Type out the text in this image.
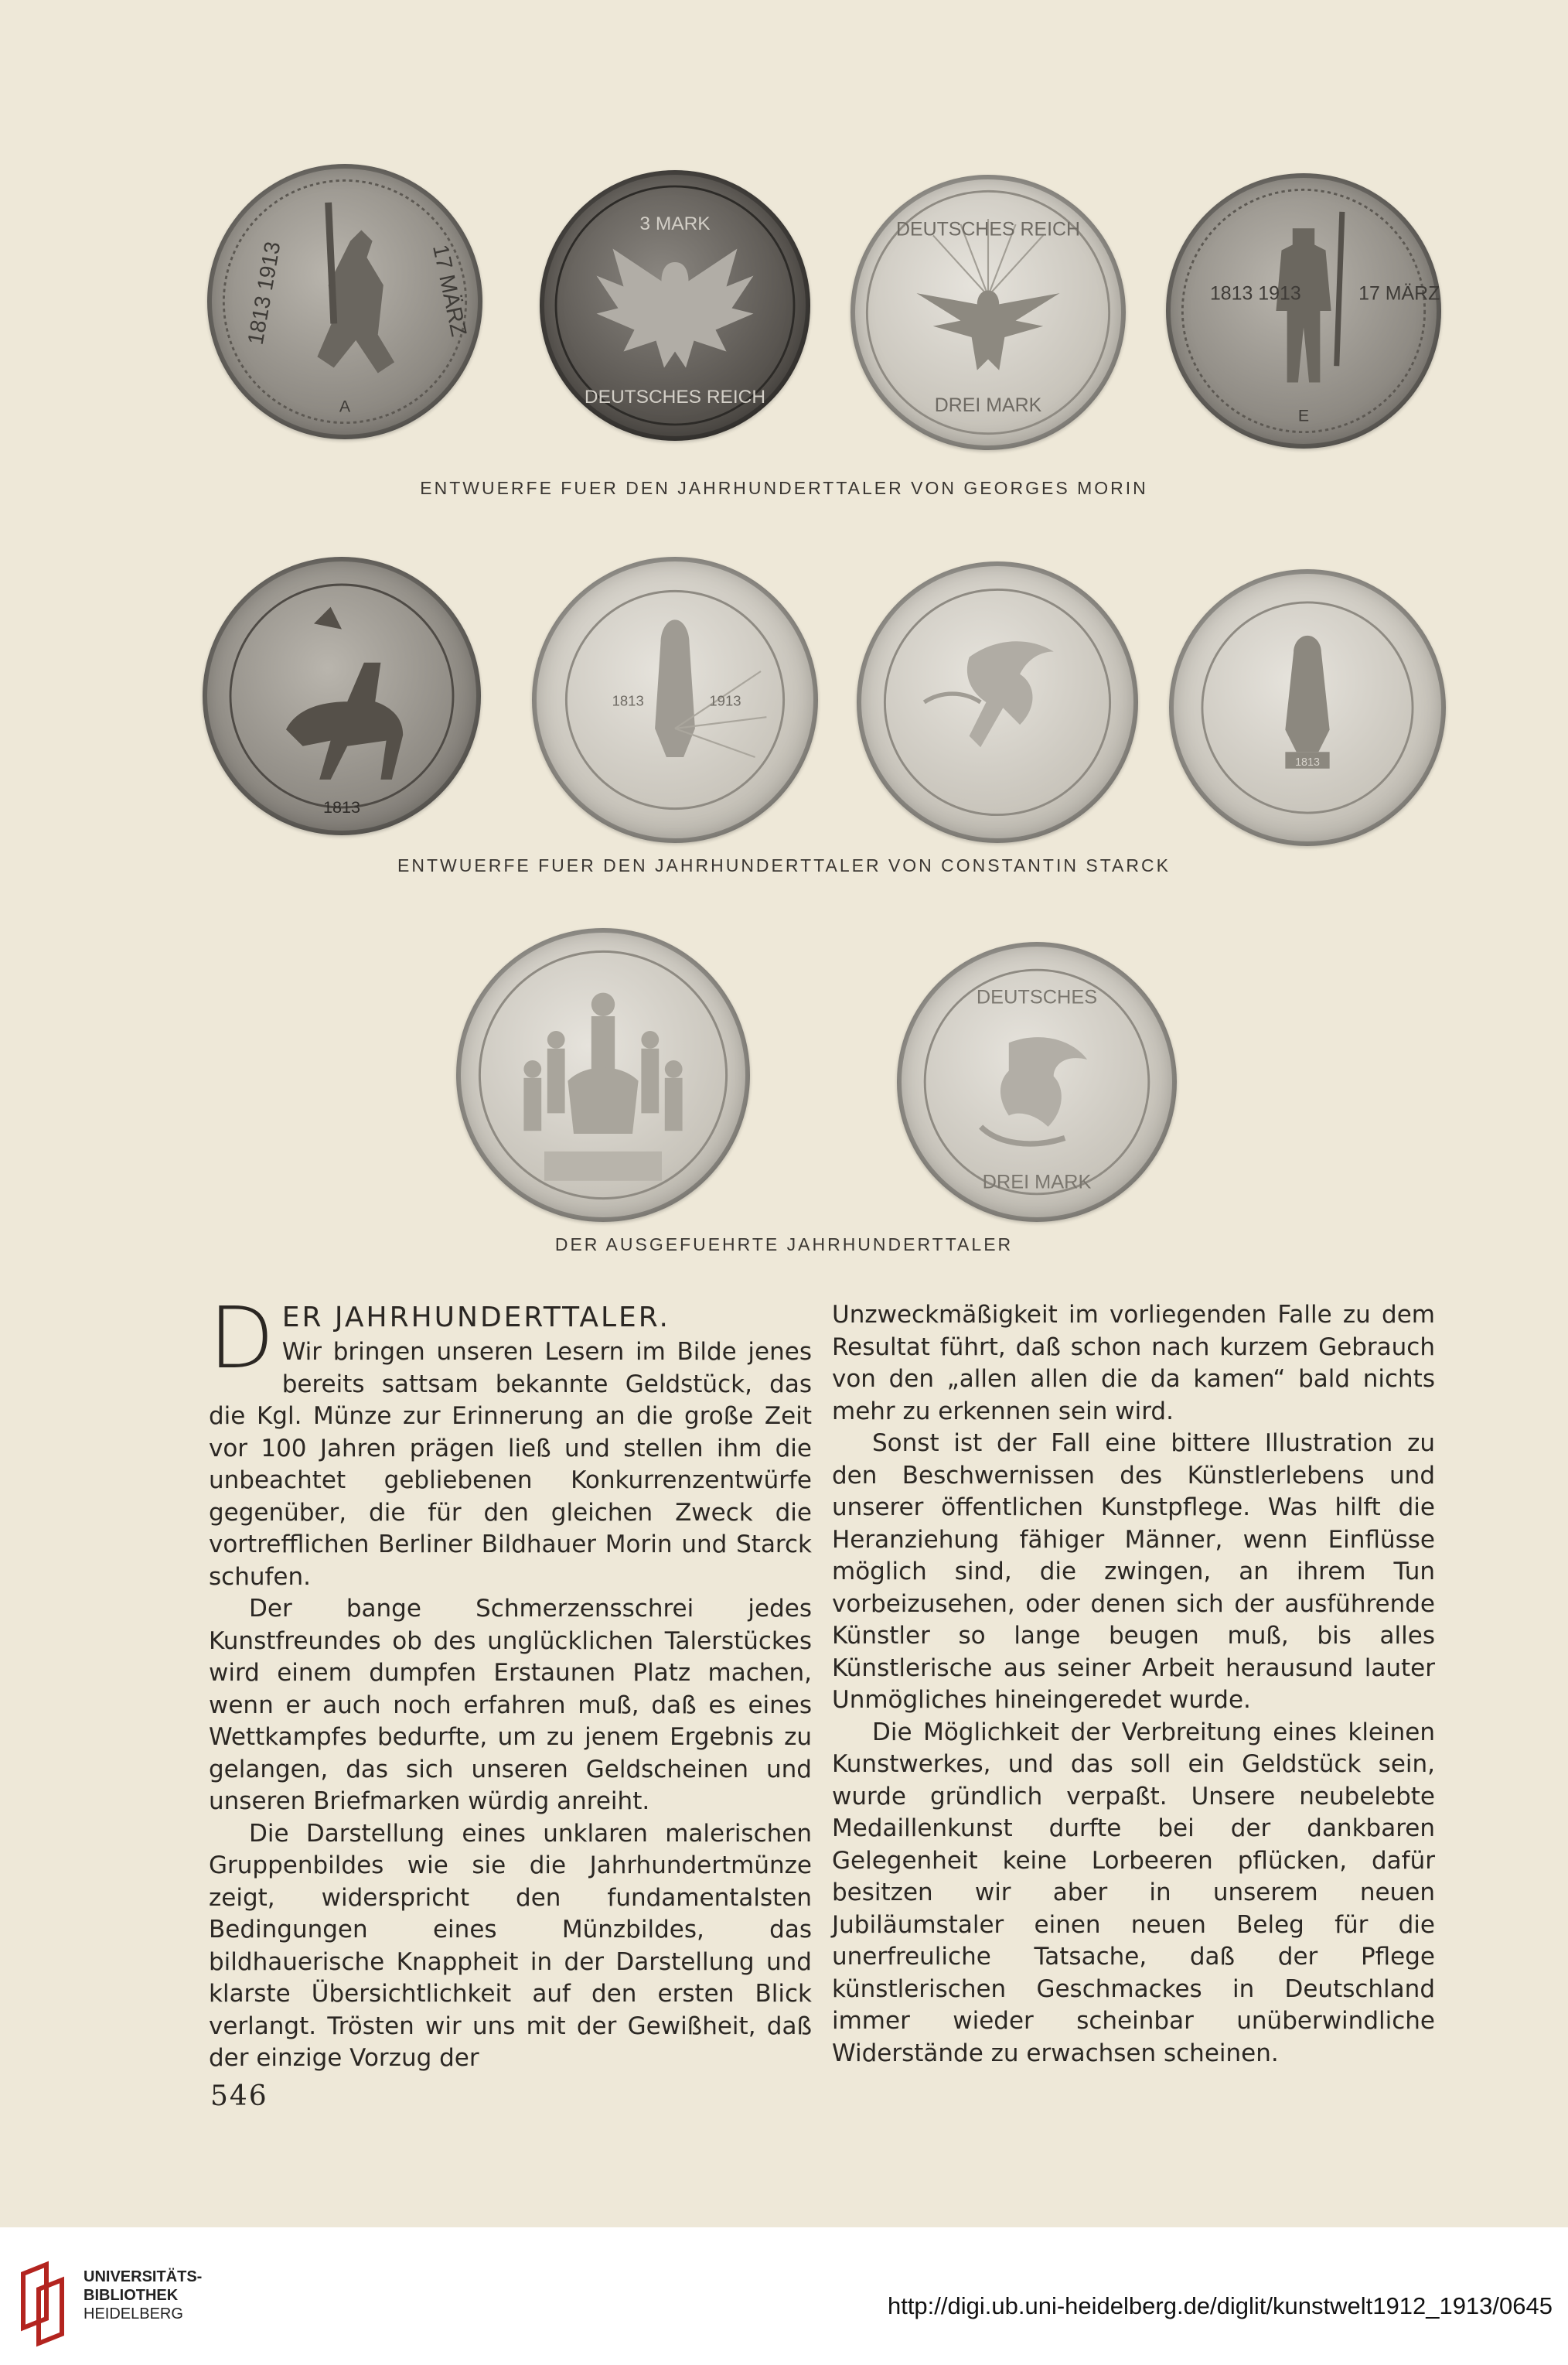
1813 1913	17 MÄRZ
A
3 MARK
DEUTSCHES REICH
DEUTSCHES REICH
DREI MARK
1813 1913	17 MÄRZ
E
ENTWUERFE FUER DEN JAHRHUNDERTTALER VON GEORGES MORIN
1813
1813	1913
1813
ENTWUERFE FUER DEN JAHRHUNDERTTALER VON CONSTANTIN STARCK
DEUTSCHES
DREI MARK
DER AUSGEFUEHRTE JAHRHUNDERTTALER
D ER JAHRHUNDERTTALER.

Wir bringen unseren Lesern im Bilde jenes bereits sattsam bekannte Geldstück, das die Kgl. Münze zur Erinnerung an die große Zeit vor 100 Jahren prägen ließ und stellen ihm die unbeachtet gebliebenen Konkurrenzentwürfe gegenüber, die für den gleichen Zweck die vortrefflichen Berliner Bildhauer Morin und Starck schufen.

Der bange Schmerzensschrei jedes Kunstfreundes ob des unglücklichen Talerstückes wird einem dumpfen Erstaunen Platz machen, wenn er auch noch erfahren muß, daß es eines Wettkampfes bedurfte, um zu jenem Ergebnis zu gelangen, das sich unseren Geldscheinen und unseren Briefmarken würdig anreiht.

Die Darstellung eines unklaren malerischen Gruppenbildes wie sie die Jahrhundertmünze zeigt, widerspricht den fundamentalsten Bedingungen eines Münzbildes, das bildhauerische Knappheit in der Darstellung und klarste Übersichtlichkeit auf den ersten Blick verlangt. Trösten wir uns mit der Gewißheit, daß der einzige Vorzug der

Unzweckmäßigkeit im vorliegenden Falle zu dem Resultat führt, daß schon nach kurzem Gebrauch von den „allen allen die da kamen“ bald nichts mehr zu erkennen sein wird.

Sonst ist der Fall eine bittere Illustration zu den Beschwernissen des Künstlerlebens und unserer öffentlichen Kunstpflege. Was hilft die Heranziehung fähiger Männer, wenn Einflüsse möglich sind, die zwingen, an ihrem Tun vorbeizusehen, oder denen sich der ausführende Künstler so lange beugen muß, bis alles Künstlerische aus seiner Arbeit herausund lauter Unmögliches hineingeredet wurde.

Die Möglichkeit der Verbreitung eines kleinen Kunstwerkes, und das soll ein Geldstück sein, wurde gründlich verpaßt. Unsere neubelebte Medaillenkunst durfte bei der dankbaren Gelegenheit keine Lorbeeren pflücken, dafür besitzen wir aber in unserem neuen Jubiläumstaler einen neuen Beleg für die unerfreuliche Tatsache, daß der Pflege künstlerischen Geschmackes in Deutschland immer wieder scheinbar unüberwindliche Widerstände zu erwachsen scheinen.

546
UNIVERSITÄTS-
BIBLIOTHEK
HEIDELBERG	http://digi.ub.uni-heidelberg.de/diglit/kunstwelt1912_1913/0645
